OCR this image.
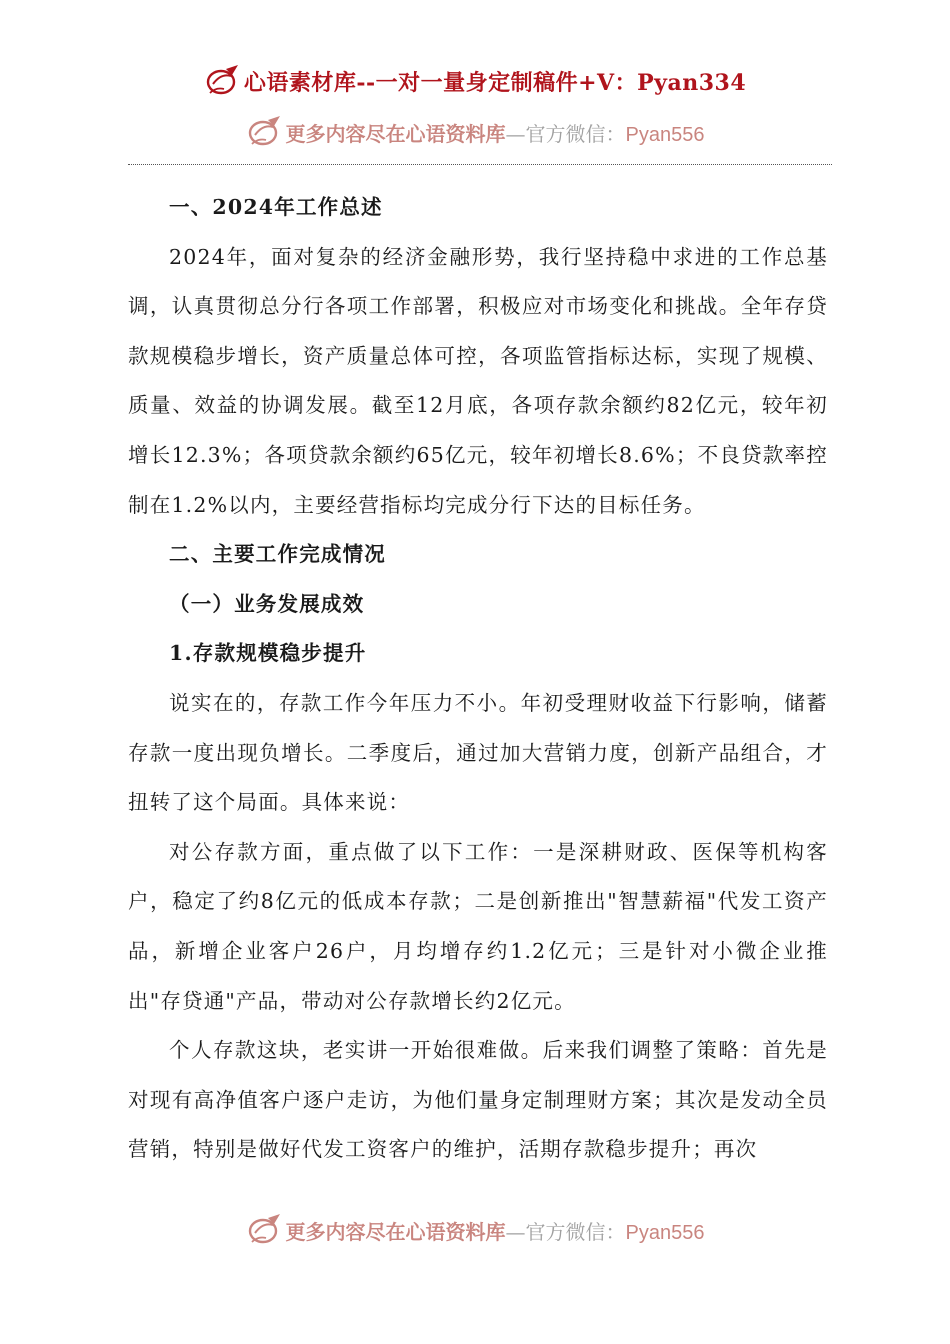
心语素材库--一对一量身定制稿件+V：Pyan334
更多内容尽在心语资料库—官方微信：Pyan556

一、2024年工作总述

2024年，面对复杂的经济金融形势，我行坚持稳中求进的工作总基调，认真贯彻总分行各项工作部署，积极应对市场变化和挑战。全年存贷款规模稳步增长，资产质量总体可控，各项监管指标达标，实现了规模、质量、效益的协调发展。截至12月底，各项存款余额约82亿元，较年初增长12.3%；各项贷款余额约65亿元，较年初增长8.6%；不良贷款率控制在1.2%以内，主要经营指标均完成分行下达的目标任务。

二、主要工作完成情况

（一）业务发展成效

1.存款规模稳步提升

说实在的，存款工作今年压力不小。年初受理财收益下行影响，储蓄存款一度出现负增长。二季度后，通过加大营销力度，创新产品组合，才扭转了这个局面。具体来说：

对公存款方面，重点做了以下工作：一是深耕财政、医保等机构客户，稳定了约8亿元的低成本存款；二是创新推出"智慧薪福"代发工资产品，新增企业客户26户，月均增存约1.2亿元；三是针对小微企业推出"存贷通"产品，带动对公存款增长约2亿元。

个人存款这块，老实讲一开始很难做。后来我们调整了策略：首先是对现有高净值客户逐户走访，为他们量身定制理财方案；其次是发动全员营销，特别是做好代发工资客户的维护，活期存款稳步提升；再次

更多内容尽在心语资料库—官方微信：Pyan556
